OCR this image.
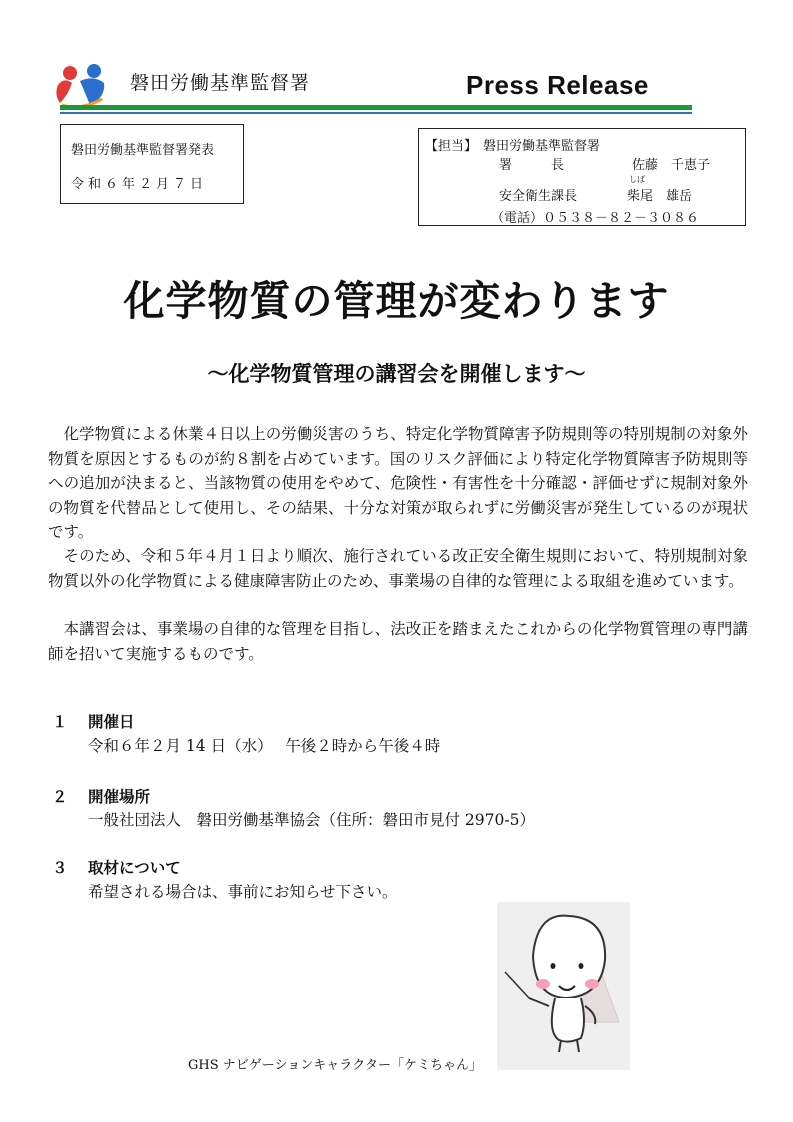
磐田労働基準監督署	Press Release
磐田労働基準監督署発表
令和６年２月７日
【担当】 磐田労働基準監督署
署　　　長	佐藤　千恵子
しば
安全衛生課長	柴尾　雄岳
（電話）０５３８－８２－３０８６
化学物質の管理が変わります
～化学物質管理の講習会を開催します～
化学物質による休業４日以上の労働災害のうち、特定化学物質障害予防規則等の特別規制の対象外物質を原因とするものが約８割を占めています。国のリスク評価により特定化学物質障害予防規則等への追加が決まると、当該物質の使用をやめて、危険性・有害性を十分確認・評価せずに規制対象外の物質を代替品として使用し、その結果、十分な対策が取られずに労働災害が発生しているのが現状です。
そのため、令和５年４月１日より順次、施行されている改正安全衛生規則において、特別規制対象物質以外の化学物質による健康障害防止のため、事業場の自律的な管理による取組を進めています。
本講習会は、事業場の自律的な管理を目指し、法改正を踏まえたこれからの化学物質管理の専門講師を招いて実施するものです。
１ 開催日
令和６年２月 14 日（水）　 午後２時から午後４時
２ 開催場所
一般社団法人　磐田労働基準協会（住所：磐田市見付 2970-5）
３ 取材について
希望される場合は、事前にお知らせ下さい。
GHS ナビゲーションキャラクター「ケミちゃん」
